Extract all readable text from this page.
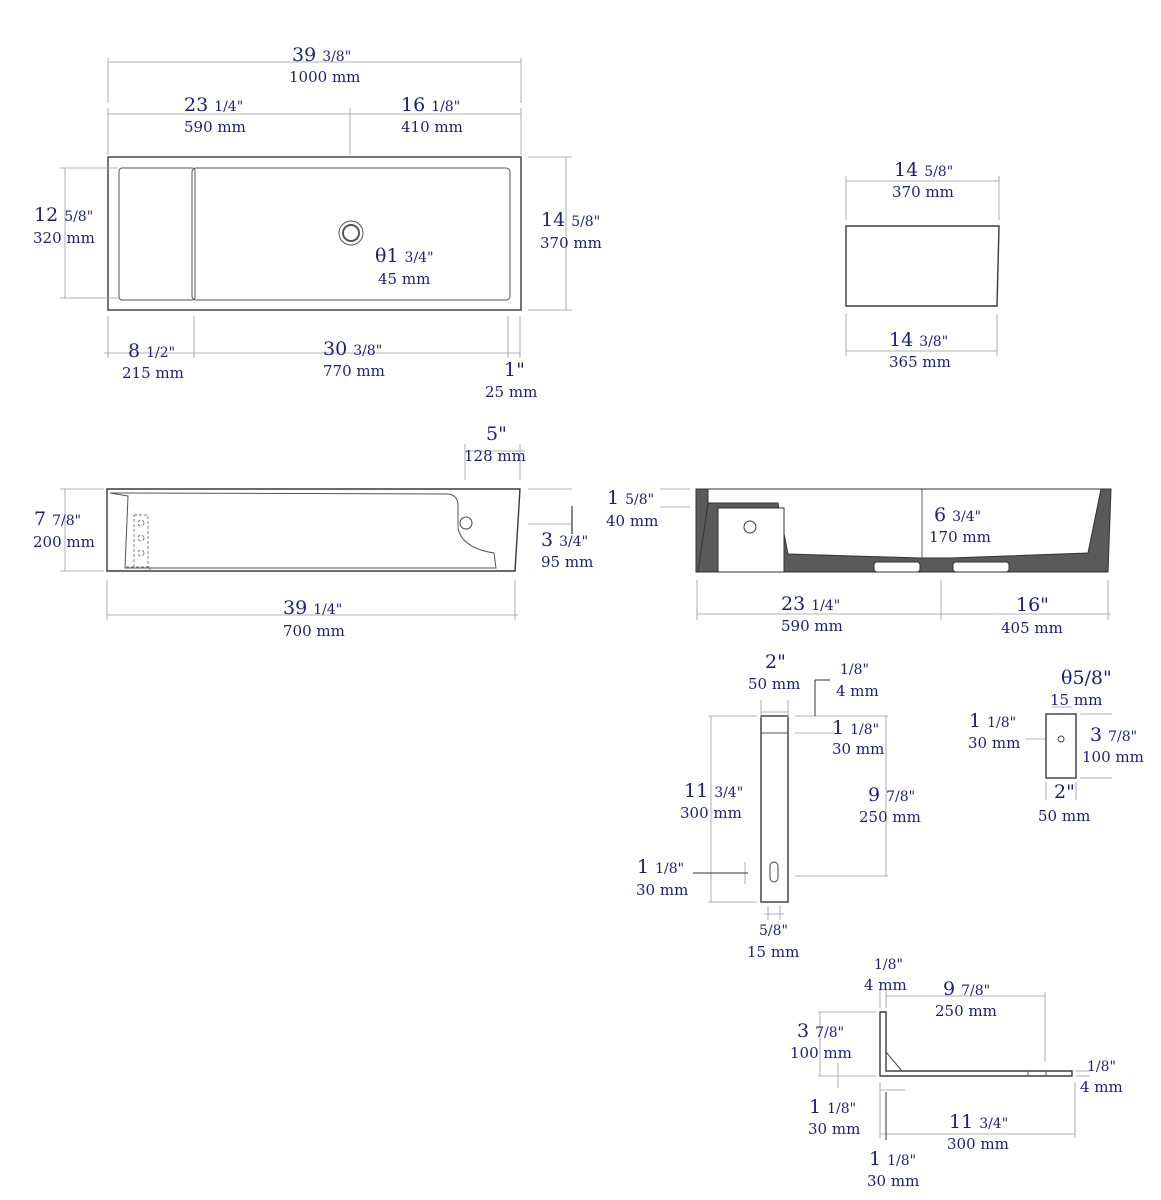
39 3/8"
1000 mm
23 1/4"
590 mm
16 1/8"
410 mm
12 5/8"
320 mm
14 5/8"
370 mm
θ1 3/4"
45 mm
8 1/2"
215 mm
30 3/8"
770 mm	1"
25 mm
14 5/8"
370 mm
14 3/8"
365 mm
5"
128 mm
7 7/8"
200 mm	3 3/4"
95 mm
39 1/4"
700 mm
1 5/8"
40 mm	6 3/4"
170 mm
23 1/4"
590 mm
16"
405 mm
2"
50 mm
1/8"
4 mm
1 1/8"
30 mm
11 3/4"
300 mm
9 7/8"
250 mm
1 1/8"
30 mm
5/8"
15 mm
θ5/8"
15 mm
1 1/8"
30 mm	3 7/8"
100 mm
2"
50 mm
1/8"
4 mm 9 7/8"
250 mm
3 7/8"
100 mm
1/8"
4 mm
1 1/8"
30 mm	11 3/4"
300 mm
1 1/8"
30 mm
